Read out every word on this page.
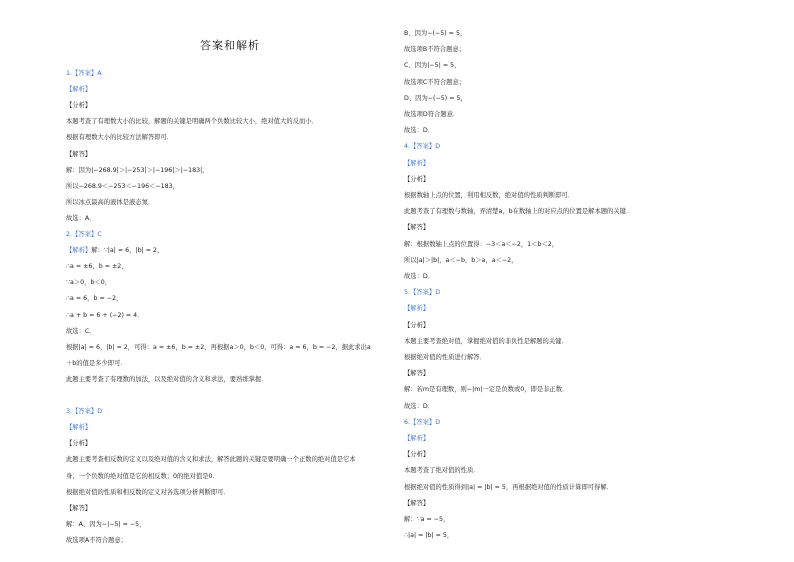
答案和解析
1.【答案】A
【解析】
【分析】
本题考查了有理数大小的比较，解题的关键是明确两个负数比较大小，绝对值大的反而小．
根据有理数大小的比较方法解答即可．
【解答】
解：因为|−268.9|＞|−253|＞|−196|＞|−183|，
所以−268.9＜−253＜−196＜−183，
所以冰点最高的液体是液态氮．
故选：A．
2.【答案】C
【解析】解：∵|a| = 6，|b| = 2，
∴a = ±6，b = ±2，
∵a＞0，b＜0，
∴a = 6，b = −2，
∴a + b = 6 + (−2) = 4．
故选：C．
根据|a| = 6，|b| = 2，可得：a = ±6，b = ±2，再根据a＞0，b＜0，可得：a = 6，b = −2，据此求出a
＋b的值是多少即可．
此题主要考查了有理数的加法，以及绝对值的含义和求法，要熟练掌握．
3.【答案】D
【解析】
【分析】
此题主要考查相反数的定义以及绝对值的含义和求法，解答此题的关键是要明确一个正数的绝对值是它本
身；一个负数的绝对值是它的相反数；0的绝对值是0．
根据绝对值的性质和相反数的定义对各选项分析判断即可．
【解答】
解：A、因为−|−5| = −5，
故选项A不符合题意；
B、因为−(−5) = 5，
故选项B不符合题意；
C、因为|−5| = 5，
故选项C不符合题意；
D、因为−(−5) = 5，
故选项D符合题意．
故选：D．
4.【答案】D
【解析】
【分析】
根据数轴上点的位置，利用相反数，绝对值的性质判断即可．
此题考查了有理数与数轴，弄清楚a，b在数轴上的对应点的位置是解本题的关键．
【解答】
解：根据数轴上点的位置得：−3＜a＜−2，1＜b＜2，
所以|a|＞|b|，a＜−b，b＞a，a＜−2，
故选：D．
5.【答案】D
【解析】
【分析】
本题主要考查绝对值，掌握绝对值的非负性是解题的关键．
根据绝对值的性质进行解答．
【解答】
解：若m是有理数，则−|m|一定是负数或0，即是非正数．
故选：D．
6.【答案】D
【解析】
【分析】
本题考查了绝对值的性质．
根据绝对值的性质得到|a| = |b| = 5，再根据绝对值的性质计算即可得解．
【解答】
解：∵a = −5，
∴|a| = |b| = 5，
